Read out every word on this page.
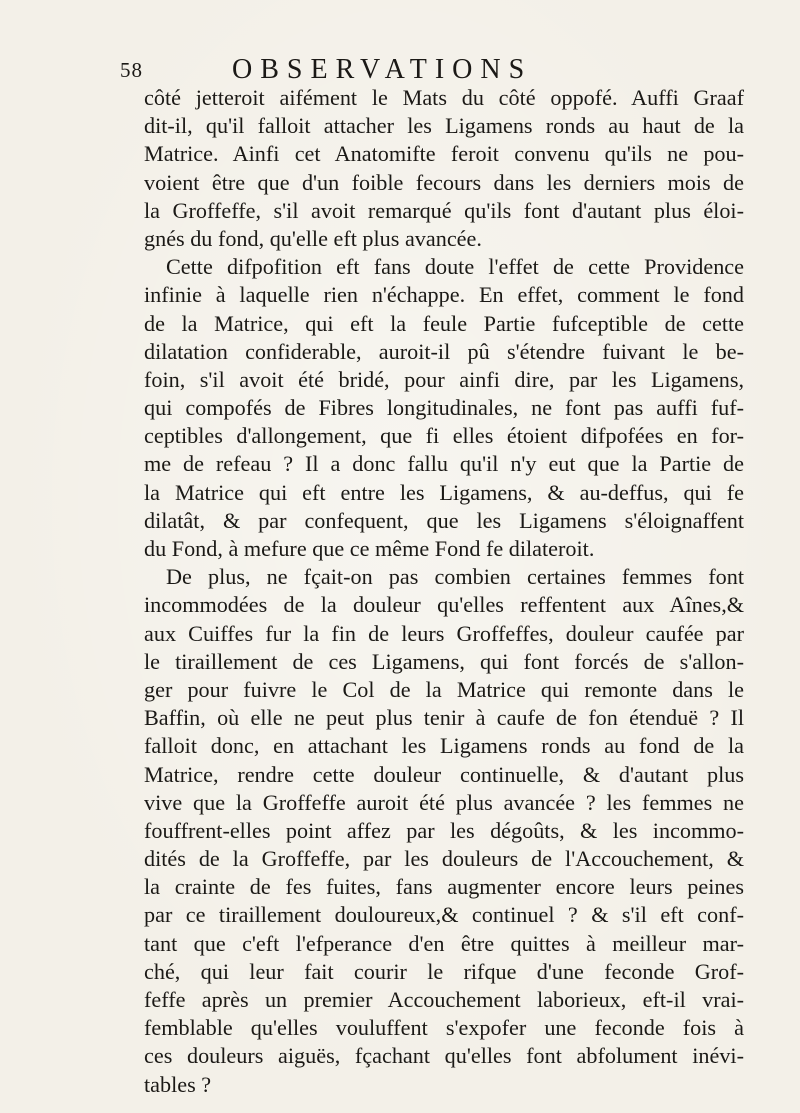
58	OBSERVATIONS
côté jetteroit aifément le Mats du côté oppofé. Auffi Graaf
dit-il, qu'il falloit attacher les Ligamens ronds au haut de la
Matrice. Ainfi cet Anatomifte feroit convenu qu'ils ne pou-
voient être que d'un foible fecours dans les derniers mois de
la Groffeffe, s'il avoit remarqué qu'ils font d'autant plus éloi-
gnés du fond, qu'elle eft plus avancée.
Cette difpofition eft fans doute l'effet de cette Providence
infinie à laquelle rien n'échappe. En effet, comment le fond
de la Matrice, qui eft la feule Partie fufceptible de cette
dilatation confiderable, auroit-il pû s'étendre fuivant le be-
foin, s'il avoit été bridé, pour ainfi dire, par les Ligamens,
qui compofés de Fibres longitudinales, ne font pas auffi fuf-
ceptibles d'allongement, que fi elles étoient difpofées en for-
me de refeau ? Il a donc fallu qu'il n'y eut que la Partie de
la Matrice qui eft entre les Ligamens, & au-deffus, qui fe
dilatât, & par confequent, que les Ligamens s'éloignaffent
du Fond, à mefure que ce même Fond fe dilateroit.
De plus, ne fçait-on pas combien certaines femmes font
incommodées de la douleur qu'elles reffentent aux Aînes,&
aux Cuiffes fur la fin de leurs Groffeffes, douleur caufée par
le tiraillement de ces Ligamens, qui font forcés de s'allon-
ger pour fuivre le Col de la Matrice qui remonte dans le
Baffin, où elle ne peut plus tenir à caufe de fon étenduë ? Il
falloit donc, en attachant les Ligamens ronds au fond de la
Matrice, rendre cette douleur continuelle, & d'autant plus
vive que la Groffeffe auroit été plus avancée ? les femmes ne
fouffrent-elles point affez par les dégoûts, & les incommo-
dités de la Groffeffe, par les douleurs de l'Accouchement, &
la crainte de fes fuites, fans augmenter encore leurs peines
par ce tiraillement douloureux,& continuel ? & s'il eft conf-
tant que c'eft l'efperance d'en être quittes à meilleur mar-
ché, qui leur fait courir le rifque d'une feconde Grof-
feffe après un premier Accouchement laborieux, eft-il vrai-
femblable qu'elles vouluffent s'expofer une feconde fois à
ces douleurs aiguës, fçachant qu'elles font abfolument inévi-
tables ?
